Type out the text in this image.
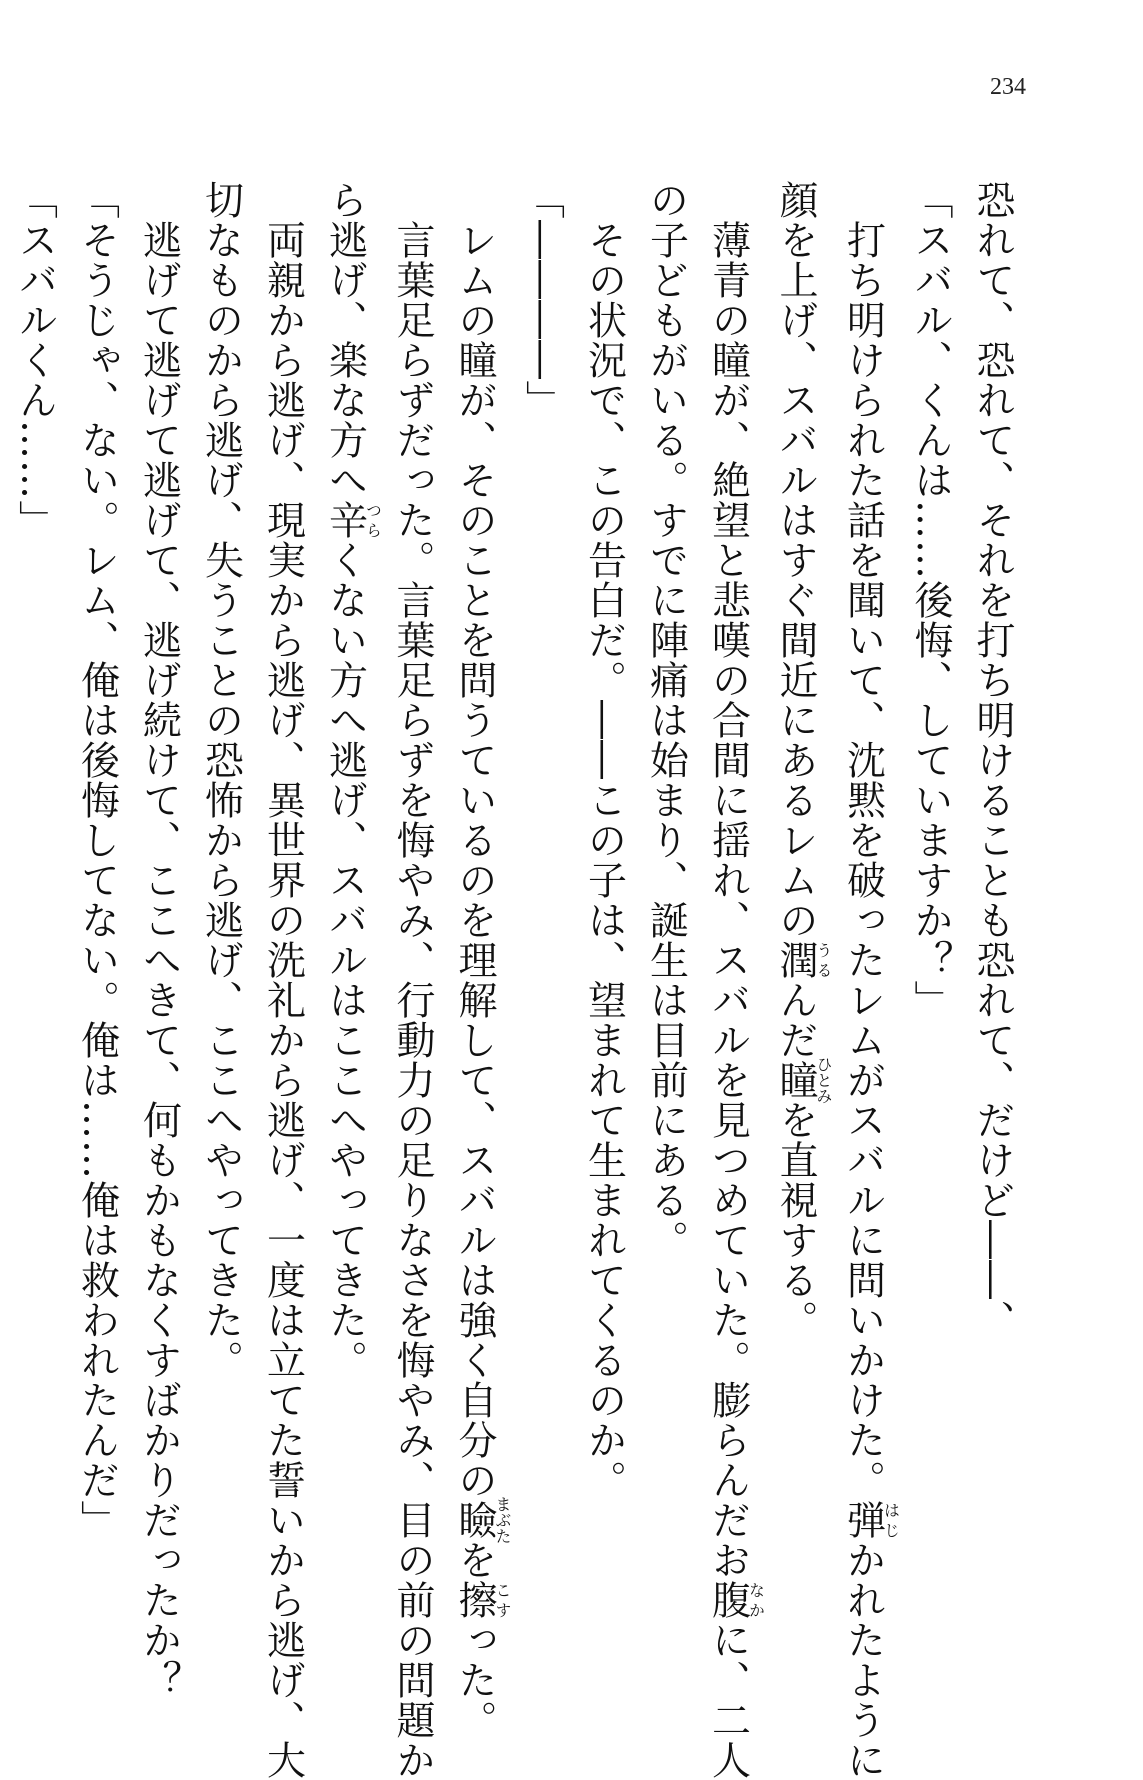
234
恐れて、恐れて、それを打ち明けることも恐れて、だけど――、
「スバル、くんは……後悔、していますか？」
　打ち明けられた話を聞いて、沈黙を破ったレムがスバルに問いかけた。弾はじかれたように
顔を上げ、スバルはすぐ間近にあるレムの潤うるんだ瞳ひとみを直視する。
　薄青の瞳が、絶望と悲嘆の合間に揺れ、スバルを見つめていた。膨らんだお腹なかに、二人
の子どもがいる。すでに陣痛は始まり、誕生は目前にある。
　その状況で、この告白だ。――この子は、望まれて生まれてくるのか。
「――――」
　レムの瞳が、そのことを問うているのを理解して、スバルは強く自分の瞼まぶたを擦こすった。
　言葉足らずだった。言葉足らずを悔やみ、行動力の足りなさを悔やみ、目の前の問題か
ら逃げ、楽な方へ辛つらくない方へ逃げ、スバルはここへやってきた。
　両親から逃げ、現実から逃げ、異世界の洗礼から逃げ、一度は立てた誓いから逃げ、大
切なものから逃げ、失うことの恐怖から逃げ、ここへやってきた。
　逃げて逃げて逃げて、逃げ続けて、ここへきて、何もかもなくすばかりだったか？
「そうじゃ、ない。レム、俺は後悔してない。俺は……俺は救われたんだ」
「スバルくん……」
